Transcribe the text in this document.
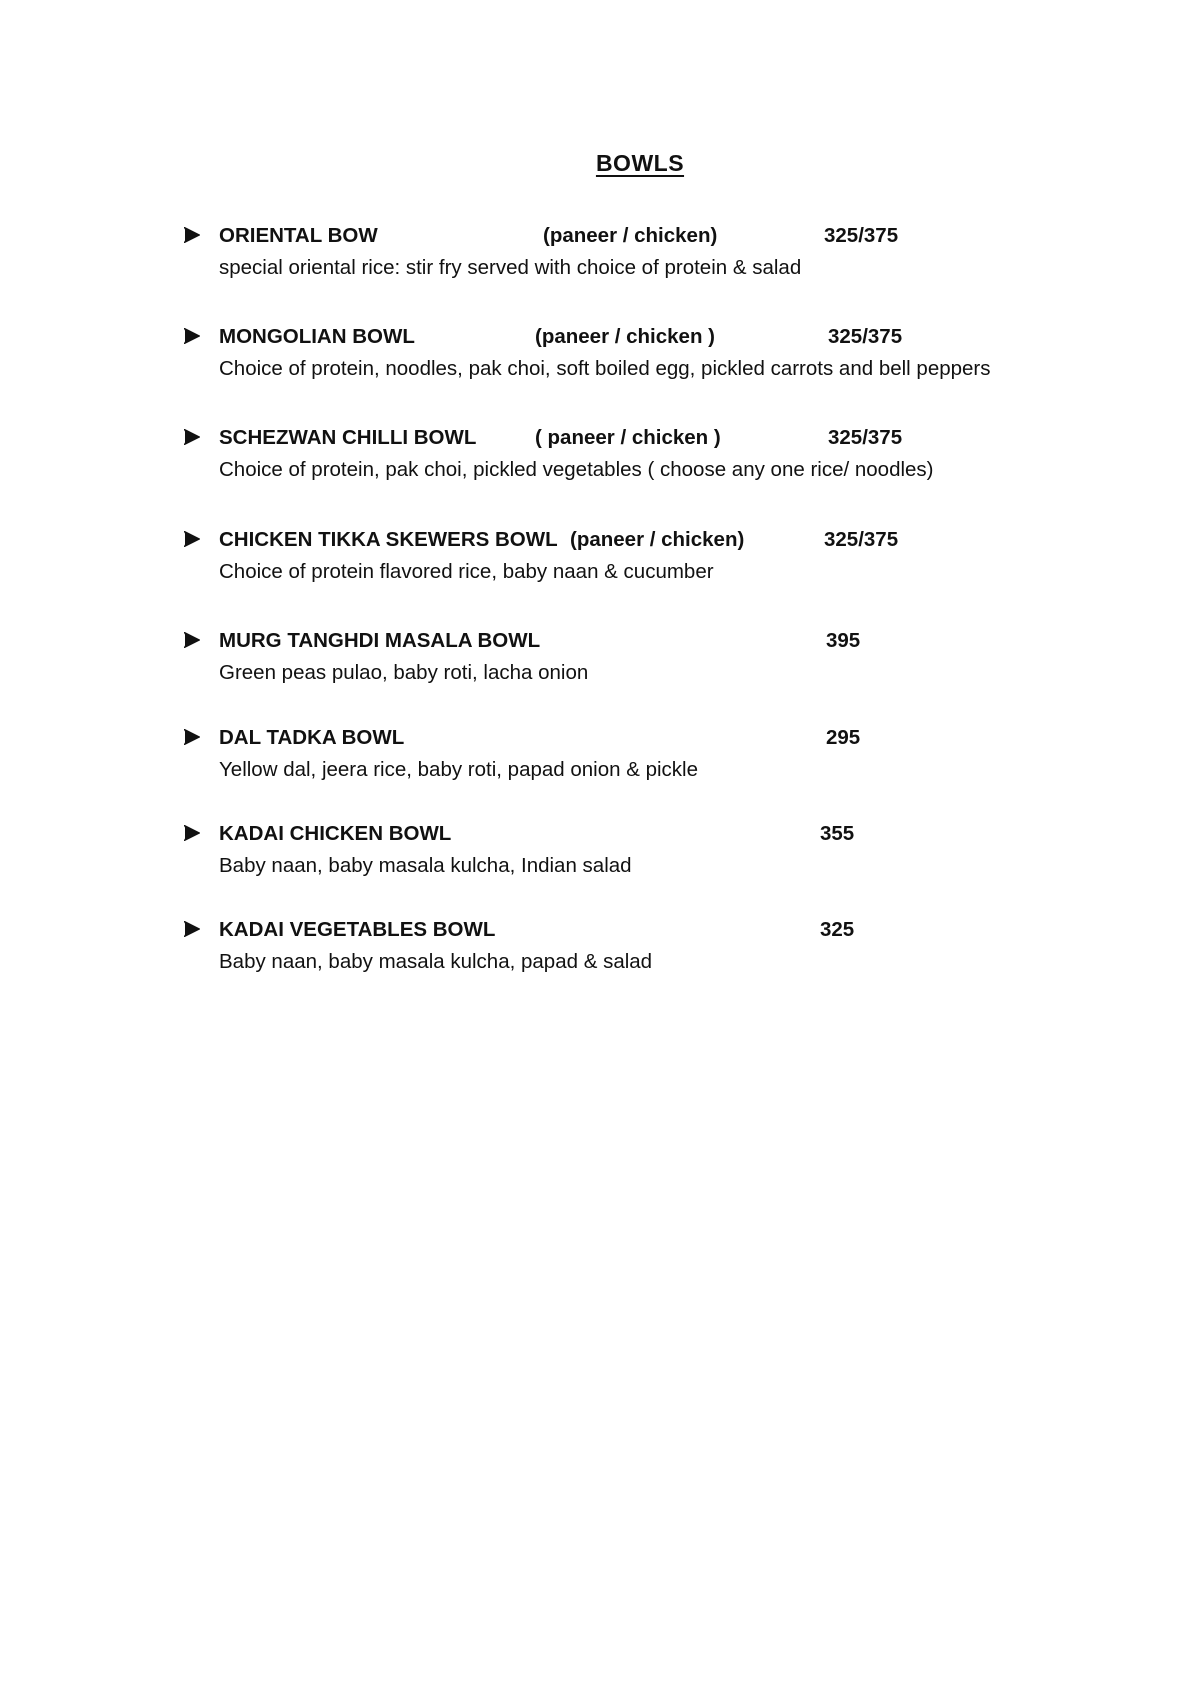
BOWLS
ORIENTAL BOW	(paneer / chicken)	325/375
special oriental rice: stir fry served with choice of protein & salad
MONGOLIAN BOWL	(paneer / chicken )	325/375
Choice of protein, noodles, pak choi, soft boiled egg, pickled carrots and bell peppers
SCHEZWAN CHILLI BOWL	( paneer / chicken )	325/375
Choice of protein, pak choi, pickled vegetables ( choose any one rice/ noodles)
CHICKEN TIKKA SKEWERS BOWL (paneer / chicken)	325/375
Choice of protein flavored rice, baby naan & cucumber
MURG TANGHDI MASALA BOWL	395
Green peas pulao, baby roti, lacha onion
DAL TADKA BOWL	295
Yellow dal, jeera rice, baby roti, papad onion & pickle
KADAI CHICKEN BOWL	355
Baby naan, baby masala kulcha, Indian salad
KADAI VEGETABLES BOWL	325
Baby naan, baby masala kulcha, papad & salad
